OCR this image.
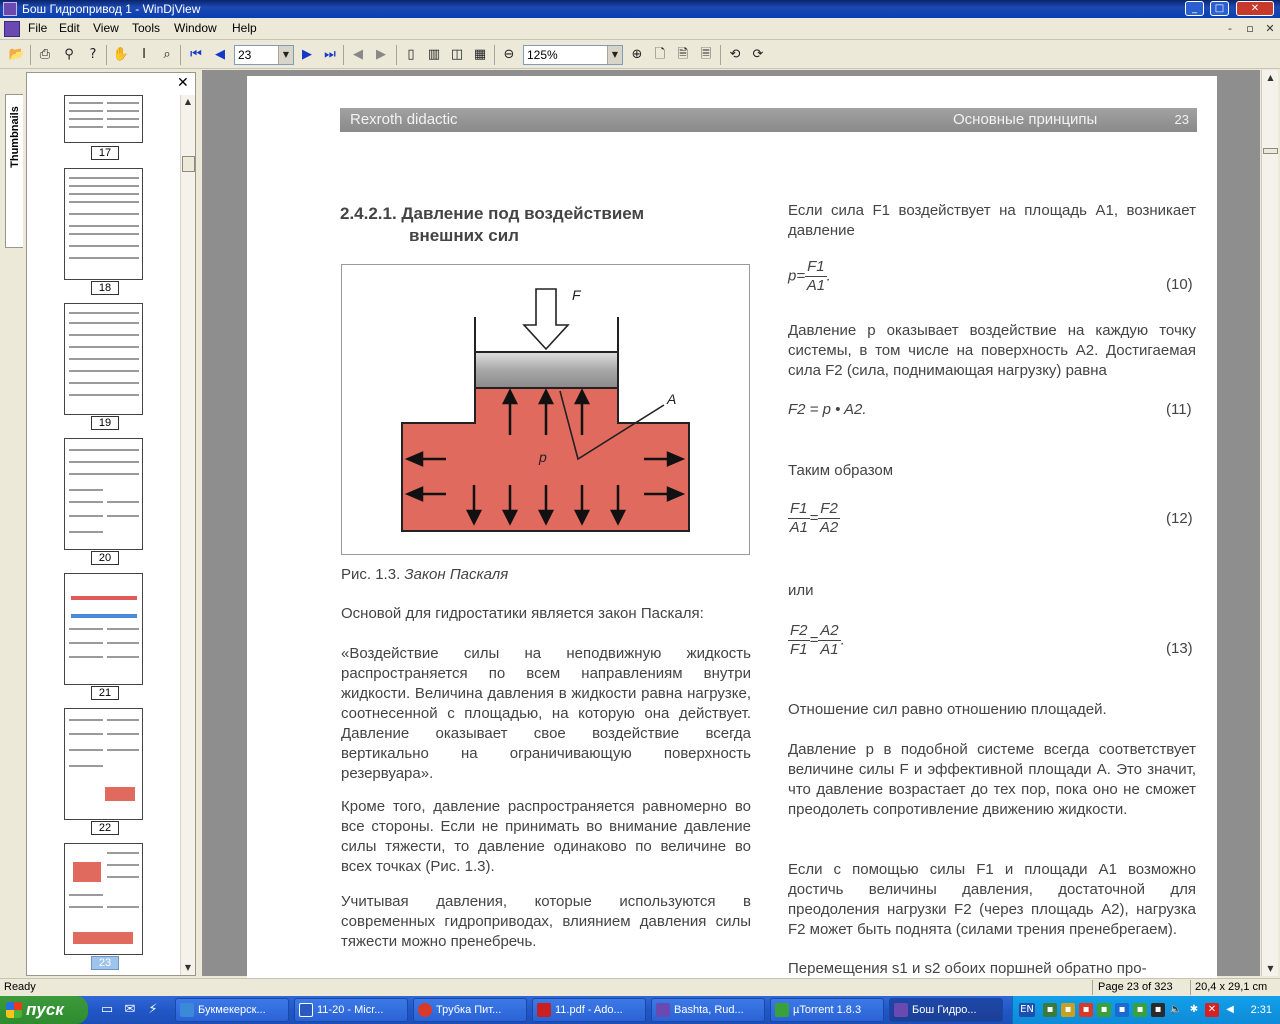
Бош Гидропривод 1 - WinDjView	_	□	✕
File Edit View Tools Window Help	-	▫	✕
📂 ⎙	⚲	?	✋ I	⌕	⏮	◀	23	▼ ▶ ⏭	◀	▶	▯	▥ ◫ ▦ ⊖	125%	▼	⊕ 🗋 🗎 🗏 ⟲ ⟳
Thumbnails
✕
▲
▼
17
18
19
20
21
22
23
▲
▼
Rexroth didactic	Основные принципы	23
2.4.2.1. Давление под воздействием
внешних сил
F
A
p
Рис. 1.3. Закон Паскаля
Основой для гидростатики является закон Паскаля:
«Воздействие силы на неподвижную жидкость распространяется по всем направлениям внутри жидкости. Величина давления в жидкости равна нагрузке, соотнесенной с площадью, на которую она действует. Давление оказывает свое воздействие всегда вертикально на ограничивающую поверхность резервуара».
Кроме того, давление распространяется равномерно во все стороны. Если не принимать во внимание давление силы тяжести, то давление одинаково по величине во всех точках (Рис. 1.3).
Учитывая давления, которые используются в современных гидроприводах, влиянием давления силы тяжести можно пренебречь.
Если сила F1 воздействует на площадь A1, возникает давление
$p= \frac{F1}{A1}$ .
(10)
Давление p оказывает воздействие на каждую точку системы, в том числе на поверхность A2. Достигаемая сила F2 (сила, поднимающая нагрузку) равна
F2 = p • A2.	(11)
Таким образом
$\frac{F1}{A1} = \frac{F2}{A2}$	(12)
или
$\frac{F2}{F1} = \frac{A2}{A1}$ .
(13)
Отношение сил равно отношению площадей.
Давление p в подобной системе всегда соответствует величине силы F и эффективной площади A. Это значит, что давление возрастает до тех пор, пока оно не сможет преодолеть сопротивление движению жидкости.
Если с помощью силы F1 и площади A1 возможно достичь величины давления, достаточной для преодоления нагрузки F2 (через площадь A2), нагрузка F2 может быть поднята (силами трения пренебрегаем).
Перемещения s1 и s2 обоих поршней обратно про-
Ready	Page 23 of 323 20,4 x 29,1 cm
пуск	▭ ✉ ⚡	Букмекерск...	11-20 - Micr...	Трубка Пит...	11.pdf - Ado...	Bashta, Rud...	µTorrent 1.8.3	Бош Гидро...	EN	▪	▪	▪	▪	▪	▪	▪ 🔈 ✱ ✕ ◀ 2:31
